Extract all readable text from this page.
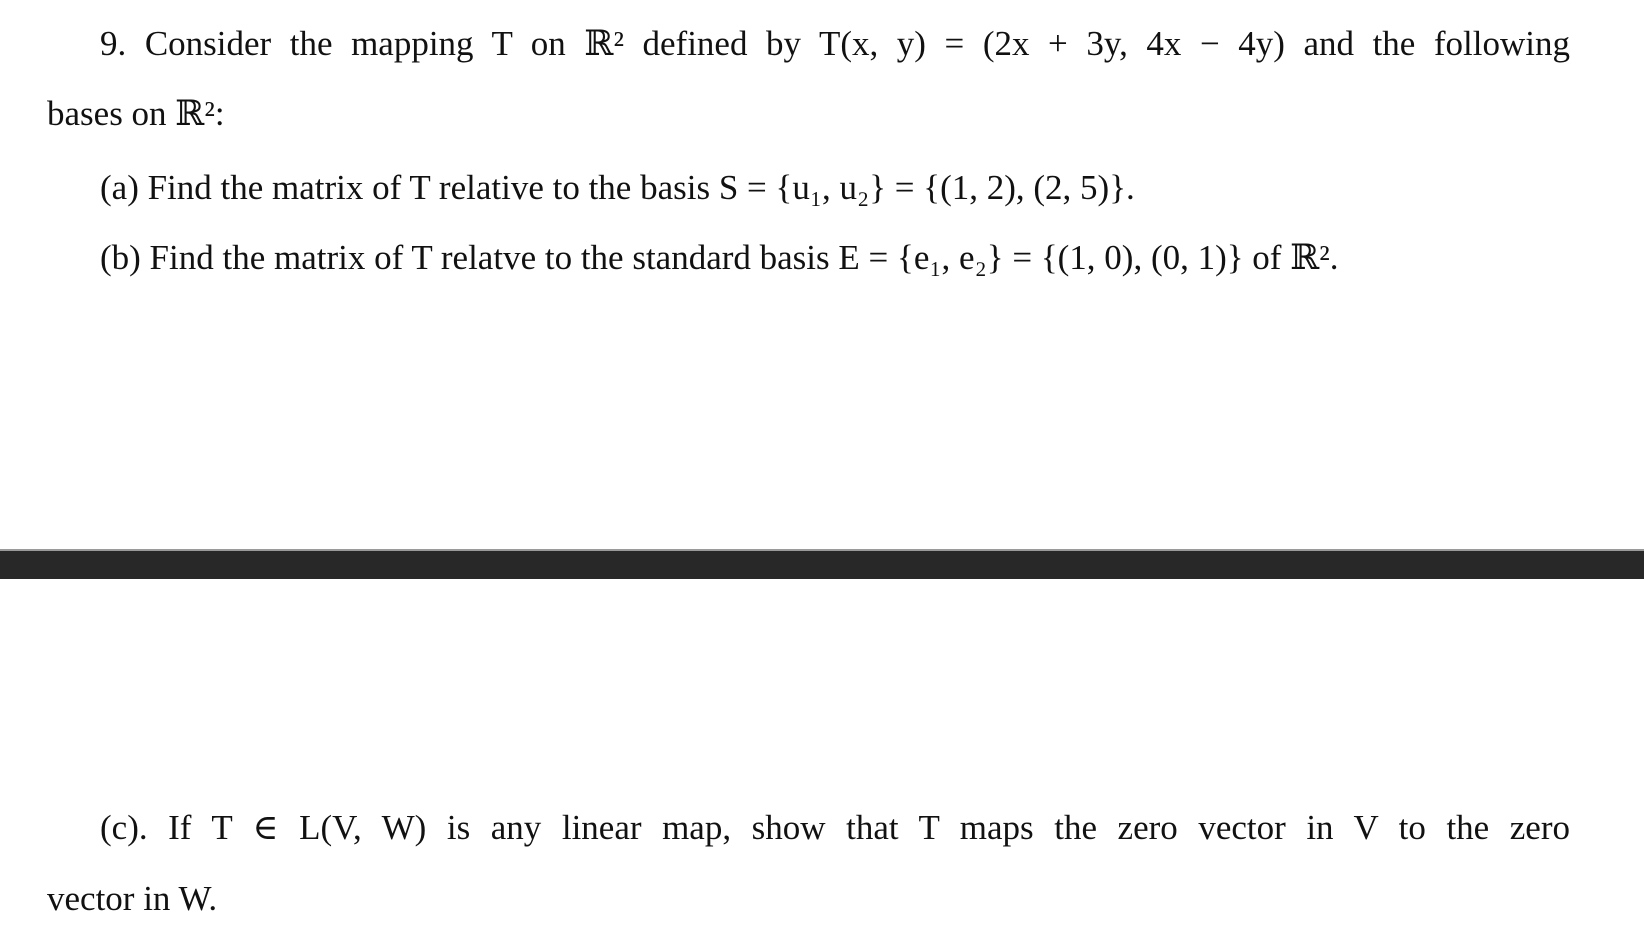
9. Consider the mapping T on ℝ² defined by T(x, y) = (2x + 3y, 4x − 4y) and the following
bases on ℝ²:
(a) Find the matrix of T relative to the basis S = {u₁, u₂} = {(1, 2), (2, 5)}.
(b) Find the matrix of T relatve to the standard basis E = {e₁, e₂} = {(1, 0), (0, 1)} of ℝ².
(c). If T ∈ L(V, W) is any linear map, show that T maps the zero vector in V to the zero
vector in W.
